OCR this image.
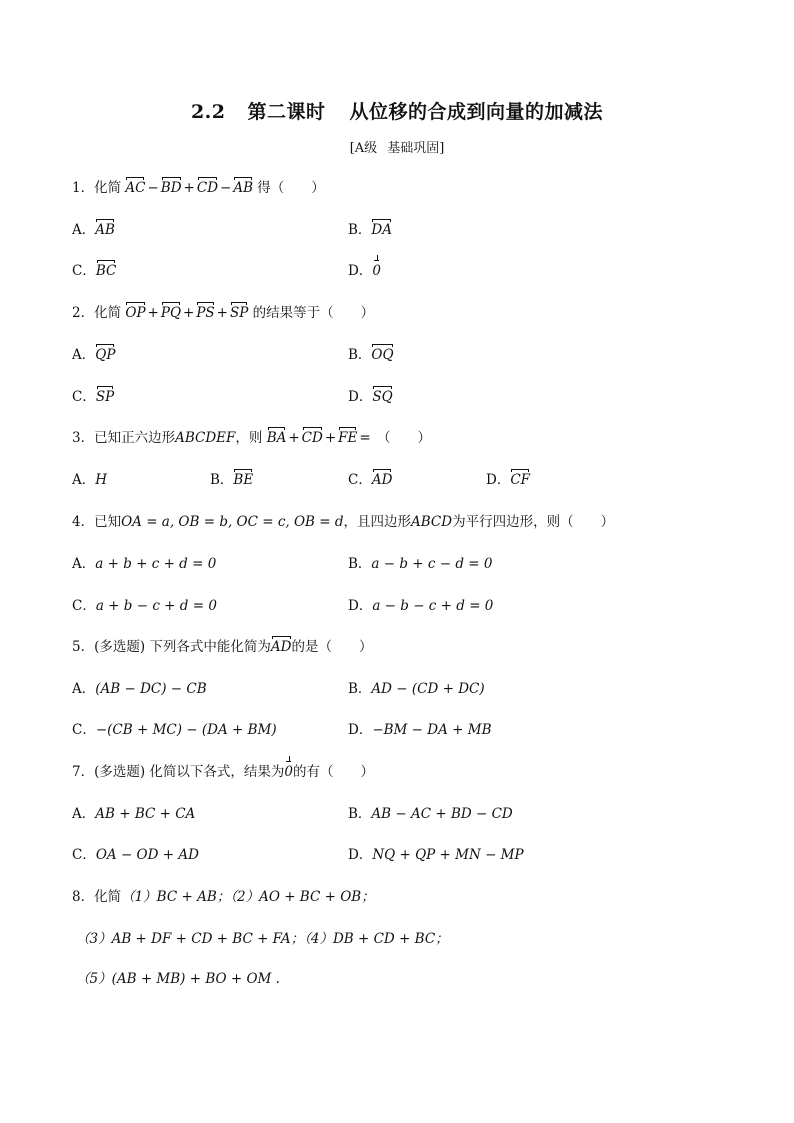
2.2 第二课时 从位移的合成到向量的加减法
[A级 基础巩固]
1．化简 AC − BD + CD − AB 得（　　）
A．AB	B．DA
C．BC	D．0
2．化简 OP + PQ + PS + SP 的结果等于（　　）
A．QP	B．OQ
C．SP	D．SQ
3．已知正六边形ABCDEF，则 BA + CD + FE = （　　）
A．H	B．BE	C．AD	D．CF
4．已知OA = a, OB = b, OC = c, OB = d，且四边形ABCD为平行四边形，则（　　）
A．a + b + c + d = 0	B．a − b + c − d = 0
C．a + b − c + d = 0	D．a − b − c + d = 0
5．(多选题) 下列各式中能化简为AD的是（　　）
A．(AB − DC) − CB	B．AD − (CD + DC)
C．−(CB + MC) − (DA + BM)	D．−BM − DA + MB
7．(多选题) 化简以下各式，结果为0的有（　　）
A．AB + BC + CA	B．AB − AC + BD − CD
C．OA − OD + AD	D．NQ + QP + MN − MP
8．化简（1）BC + AB；（2）AO + BC + OB；
（3）AB + DF + CD + BC + FA；（4）DB + CD + BC；
（5）(AB + MB) + BO + OM .
